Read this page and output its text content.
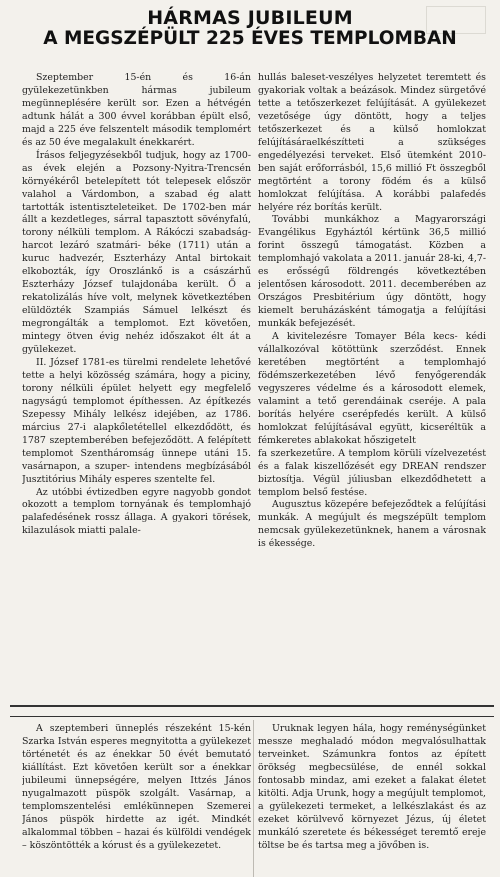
HÁRMAS JUBILEUM
A MEGSZÉPÜLT 225 ÉVES TEMPLOMBAN

Szeptember 15-én és 16-án gyülekezetünkben hármas jubileum megünneplésére került sor. Ezen a hétvégén adtunk hálát a 300 évvel korábban épült első, majd a 225 éve felszentelt második templomért és az 50 éve megalakult énekkarért.

Írásos feljegyzésekből tudjuk, hogy az 1700-as évek elején a Pozsony-Nyitra-Trencsén környékéről betelepített tót telepesek először valahol a Várdombon, a szabad ég alatt tartották istentiszteleteiket. De 1702-ben már állt a kezdetleges, sárral tapasztott sövényfalú, torony nélküli templom. A Rákóczi szabadság- harcot lezáró szatmári- béke (1711) után a kuruc hadvezér, Eszterházy Antal birtokait elkobozták, így Oroszlánkő is a császárhű Eszterházy József tulajdonába került. Ő a rekatolizálás híve volt, melynek következtében elüldözték Szampiás Sámuel lelkészt és megrongálták a templomot. Ezt követően, mintegy ötven évig nehéz időszakot élt át a gyülekezet.

II. József 1781-es türelmi rendelete lehetővé tette a helyi közösség számára, hogy a piciny, torony nélküli épület helyett egy megfelelő nagyságú templomot építhessen. Az építkezés Szepessy Mihály lelkész idejében, az 1786. március 27-i alapkőletétellel elkezdődött, és 1787 szeptemberében befejeződött. A felépített templomot Szentháromság ünnepe utáni 15. vasárnapon, a szuper- intendens megbízásából Jusztitórius Mihály esperes szentelte fel.

Az utóbbi évtizedben egyre nagyobb gondot okozott a templom tornyának és templomhajó palafedésének rossz állaga. A gyakori törések, kilazulások miatti palale-

hullás baleset-veszélyes helyzetet teremtett és gyakoriak voltak a beázások. Mindez sürgetővé tette a tetőszerkezet felújítását. A gyülekezet vezetősége úgy döntött, hogy a teljes tetőszerkezet és a külső homlokzat felújításáraelkészítteti a szükséges engedélyezési terveket. Első ütemként 2010-ben saját erőforrásból, 15,6 millió Ft összegből megtörtént a torony födém és a külső homlokzat felújítása. A korábbi palafedés helyére réz borítás került.

További munkákhoz a Magyarországi Evangélikus Egyháztól kértünk 36,5 millió forint összegű támogatást. Közben a templomhajó vakolata a 2011. január 28-ki, 4,7-es erősségű földrengés következtében jelentősen károsodott. 2011. decemberében az Országos Presbitérium úgy döntött, hogy kiemelt beruházásként támogatja a felújítási munkák befejezését.

A kivitelezésre Tomayer Béla kecs- kédi vállalkozóval kötöttünk szerződést. Ennek keretében megtörtént a templomhajó födémszerkezetében lévő fenyőgerendák vegyszeres védelme és a károsodott elemek, valamint a tető gerendáinak cseréje. A pala borítás helyére cserépfedés került. A külső homlokzat felújításával együtt, kicseréltük a fémkeretes ablakokat hőszigetelt

fa szerkezetűre. A templom körüli vízelvezetést és a falak kiszellőzését egy DREAN rendszer biztosítja. Végül júliusban elkezdődhetett a templom belső festése.

Augusztus közepére befejeződtek a felújítási munkák. A megújult és megszépült templom nemcsak gyülekezetünknek, hanem a városnak is ékessége.

A szeptemberi ünneplés részeként 15-kén Szarka István esperes megnyitotta a gyülekezet történetét és az énekkar 50 évét bemutató kiállítást. Ezt követően került sor a énekkar jubileumi ünnepségére, melyen Ittzés János nyugalmazott püspök szolgált. Vasárnap, a templomszentelési emlékünnepen Szemerei János püspök hirdette az igét. Mindkét alkalommal többen – hazai és külföldi vendégek – köszöntötték a kórust és a gyülekezetet.

Uruknak legyen hála, hogy reménységünket messze meghaladó módon megvalósulhattak terveinket. Számunkra fontos az épített örökség megbecsülése, de ennél sokkal fontosabb mindaz, ami ezeket a falakat életet kitölti. Adja Urunk, hogy a megújult templomot, a gyülekezeti termeket, a lelkészlakást és az ezeket körülvevő környezet Jézus, új életet munkáló szeretete és békességet teremtő ereje töltse be és tartsa meg a jövőben is.
